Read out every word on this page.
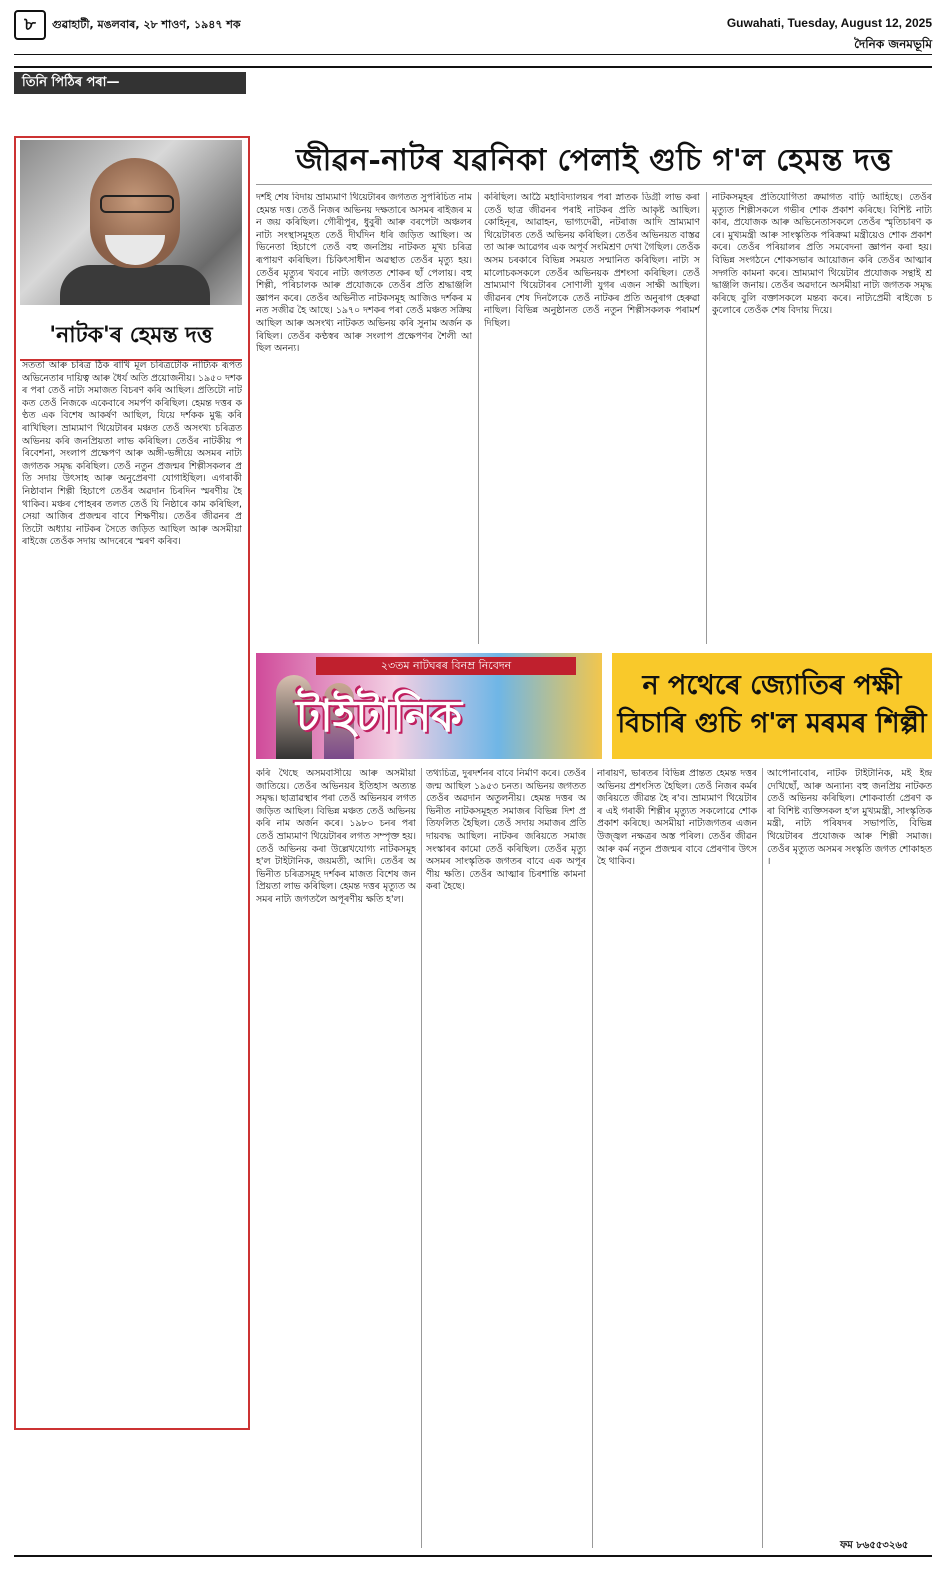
৮	গুৱাহাটী, মঙলবাৰ, ২৮ শাওণ, ১৯৪৭ শক	Guwahati, Tuesday, August 12, 2025
দৈনিক জনমভূমি
তিনি পিঠিৰ পৰা—
'নাটক'ৰ হেমন্ত দত্ত

সততা আৰু চৰিত্ৰ ঠিক ৰাখি মূল চৰিত্ৰটোক নাট্যিক ৰূপত অভিনেতাৰ দায়িত্ব আৰু ধৈৰ্য অতি প্ৰয়োজনীয়। ১৯৫০ দশকৰ পৰা তেওঁ নাট্য সমাজত বিচৰণ কৰি আছিল। প্ৰতিটো নাটকত তেওঁ নিজকে একেবাৰে সমৰ্পণ কৰিছিল। হেমন্ত দত্তৰ কণ্ঠত এক বিশেষ আকৰ্ষণ আছিল, যিয়ে দৰ্শকক মুগ্ধ কৰি ৰাখিছিল। ভ্ৰাম্যমাণ থিয়েটাৰৰ মঞ্চত তেওঁ অসংখ্য চৰিত্ৰত অভিনয় কৰি জনপ্ৰিয়তা লাভ কৰিছিল। তেওঁৰ নাটকীয় পৰিবেশনা, সংলাপ প্ৰক্ষেপণ আৰু অঙ্গী-ভঙ্গীয়ে অসমৰ নাট্য জগতক সমৃদ্ধ কৰিছিল। তেওঁ নতুন প্ৰজন্মৰ শিল্পীসকলৰ প্ৰতি সদায় উৎসাহ আৰু অনুপ্ৰেৰণা যোগাইছিল। এগৰাকী নিষ্ঠাবান শিল্পী হিচাপে তেওঁৰ অৱদান চিৰদিন স্মৰণীয় হৈ থাকিব। মঞ্চৰ পোহৰৰ তলত তেওঁ যি নিষ্ঠাৰে কাম কৰিছিল, সেয়া আজিৰ প্ৰজন্মৰ বাবে শিক্ষণীয়। তেওঁৰ জীৱনৰ প্ৰতিটো অধ্যায় নাটকৰ সৈতে জড়িত আছিল আৰু অসমীয়া ৰাইজে তেওঁক সদায় আদৰেৰে স্মৰণ কৰিব।

জীৱন-নাটৰ যৱনিকা পেলাই গুচি গ'ল হেমন্ত দত্ত

দৰ্শই শেষ বিদায় ভ্ৰাম্যমাণ থিয়েটাৰৰ জগতত সুপৰিচিত নাম হেমন্ত দত্ত। তেওঁ নিজৰ অভিনয় দক্ষতাৰে অসমৰ ৰাইজৰ মন জয় কৰিছিল। গৌৰীপুৰ, ধুবুৰী আৰু বৰপেটা অঞ্চলৰ নাট্য সংস্থাসমূহত তেওঁ দীৰ্ঘদিন ধৰি জড়িত আছিল। অভিনেতা হিচাপে তেওঁ বহু জনপ্ৰিয় নাটকত মূখ্য চৰিত্ৰ ৰূপায়ণ কৰিছিল। চিকিৎসাধীন অৱস্থাত তেওঁৰ মৃত্যু হয়। তেওঁৰ মৃত্যুৰ খবৰে নাট্য জগতত শোকৰ ছাঁ পেলায়। বহু শিল্পী, পৰিচালক আৰু প্ৰযোজকে তেওঁৰ প্ৰতি শ্ৰদ্ধাঞ্জলি জ্ঞাপন কৰে। তেওঁৰ অভিনীত নাটকসমূহ আজিও দৰ্শকৰ মনত সজীৱ হৈ আছে। ১৯৭০ দশকৰ পৰা তেওঁ মঞ্চত সক্ৰিয় আছিল আৰু অসংখ্য নাটকত অভিনয় কৰি সুনাম অৰ্জন কৰিছিল। তেওঁৰ কণ্ঠস্বৰ আৰু সংলাপ প্ৰক্ষেপণৰ শৈলী আছিল অনন্য।

কৰিছিল। আঠৈ মহাবিদ্যালয়ৰ পৰা স্নাতক ডিগ্ৰী লাভ কৰা তেওঁ ছাত্ৰ জীৱনৰ পৰাই নাটকৰ প্ৰতি আকৃষ্ট আছিল। কোহিনূৰ, আৱাহন, ভাগ্যদেৱী, নটৰাজ আদি ভ্ৰাম্যমাণ থিয়েটাৰত তেওঁ অভিনয় কৰিছিল। তেওঁৰ অভিনয়ত বাস্তৱতা আৰু আৱেগৰ এক অপূৰ্ব সংমিশ্ৰণ দেখা গৈছিল। তেওঁক অসম চৰকাৰে বিভিন্ন সময়ত সন্মানিত কৰিছিল। নাট্য সমালোচকসকলে তেওঁৰ অভিনয়ক প্ৰশংসা কৰিছিল। তেওঁ ভ্ৰাম্যমাণ থিয়েটাৰৰ সোণালী যুগৰ এজন সাক্ষী আছিল। জীৱনৰ শেষ দিনলৈকে তেওঁ নাটকৰ প্ৰতি অনুৰাগ হেৰুৱা নাছিল। বিভিন্ন অনুষ্ঠানত তেওঁ নতুন শিল্পীসকলক পৰামৰ্শ দিছিল।

নাটকসমূহৰ প্ৰতিযোগিতা ক্ৰমাগত বাঢ়ি আহিছে। তেওঁৰ মৃত্যুত শিল্পীসকলে গভীৰ শোক প্ৰকাশ কৰিছে। বিশিষ্ট নাট্যকাৰ, প্ৰযোজক আৰু অভিনেতাসকলে তেওঁৰ স্মৃতিচাৰণ কৰে। মুখ্যমন্ত্ৰী আৰু সাংস্কৃতিক পৰিক্ৰমা মন্ত্ৰীয়েও শোক প্ৰকাশ কৰে। তেওঁৰ পৰিয়ালৰ প্ৰতি সমবেদনা জ্ঞাপন কৰা হয়। বিভিন্ন সংগঠনে শোকসভাৰ আয়োজন কৰি তেওঁৰ আত্মাৰ সদ্গতি কামনা কৰে। ভ্ৰাম্যমাণ থিয়েটাৰ প্ৰযোজক সন্থাই শ্ৰদ্ধাঞ্জলি জনায়। তেওঁৰ অৱদানে অসমীয়া নাট্য জগতক সমৃদ্ধ কৰিছে বুলি বক্তাসকলে মন্তব্য কৰে। নাট্যপ্ৰেমী ৰাইজে চকুলোৰে তেওঁক শেষ বিদায় দিয়ে।

২৩তম নাটঘৰৰ বিনম্ৰ নিবেদন
টাইটানিক
ন পথেৰে জ্যোতিৰ পক্ষী
বিচাৰি গুচি গ'ল মৰমৰ শিল্পী

কৰি থৈছে অসমবাসীয়ে আৰু অসমীয়া জাতিয়ে। তেওঁৰ অভিনয়ৰ ইতিহাস অত্যন্ত সমৃদ্ধ। ছাত্ৰাৱস্থাৰ পৰা তেওঁ অভিনয়ৰ লগত জড়িত আছিল। বিভিন্ন মঞ্চত তেওঁ অভিনয় কৰি নাম অৰ্জন কৰে। ১৯৮০ চনৰ পৰা তেওঁ ভ্ৰাম্যমাণ থিয়েটাৰৰ লগত সম্পৃক্ত হয়। তেওঁ অভিনয় কৰা উল্লেখযোগ্য নাটকসমূহ হ'ল টাইটানিক, জয়মতী, আদি। তেওঁৰ অভিনীত চৰিত্ৰসমূহ দৰ্শকৰ মাজত বিশেষ জনপ্ৰিয়তা লাভ কৰিছিল। হেমন্ত দত্তৰ মৃত্যুত অসমৰ নাট্য জগতলৈ অপূৰণীয় ক্ষতি হ'ল।

তথ্যচিত্ৰ, দুৰদৰ্শনৰ বাবে নিৰ্মাণ কৰে। তেওঁৰ জন্ম আছিল ১৯৫৩ চনত। অভিনয় জগতত তেওঁৰ অৱদান অতুলনীয়। হেমন্ত দত্তৰ অভিনীত নাটকসমূহত সমাজৰ বিভিন্ন দিশ প্ৰতিফলিত হৈছিল। তেওঁ সদায় সমাজৰ প্ৰতি দায়বদ্ধ আছিল। নাটকৰ জৰিয়তে সমাজ সংস্কাৰৰ কামো তেওঁ কৰিছিল। তেওঁৰ মৃত্যু অসমৰ সাংস্কৃতিক জগতৰ বাবে এক অপূৰণীয় ক্ষতি। তেওঁৰ আত্মাৰ চিৰশান্তি কামনা কৰা হৈছে।

নাৰায়ণ, ভাৰতৰ বিভিন্ন প্ৰান্তত হেমন্ত দত্তৰ অভিনয় প্ৰশংসিত হৈছিল। তেওঁ নিজৰ কৰ্মৰ জৰিয়তে জীৱন্ত হৈ ৰ'ব। ভ্ৰাম্যমাণ থিয়েটাৰৰ এই গৰাকী শিল্পীৰ মৃত্যুত সকলোৱে শোক প্ৰকাশ কৰিছে। অসমীয়া নাট্যজগতৰ এজন উজ্জ্বল নক্ষত্ৰৰ অস্ত পৰিল। তেওঁৰ জীৱন আৰু কৰ্ম নতুন প্ৰজন্মৰ বাবে প্ৰেৰণাৰ উৎস হৈ থাকিব।

আপোনাবোৰ, নাটক টাইটানিক, মই ইন্দ্ৰ দেখিছোঁ, আৰু অন্যান্য বহু জনপ্ৰিয় নাটকত তেওঁ অভিনয় কৰিছিল। শোকবাৰ্তা প্ৰেৰণ কৰা বিশিষ্ট ব্যক্তিসকল হ'ল মুখ্যমন্ত্ৰী, সাংস্কৃতিক মন্ত্ৰী, নাট্য পৰিষদৰ সভাপতি, বিভিন্ন থিয়েটাৰৰ প্ৰযোজক আৰু শিল্পী সমাজ। তেওঁৰ মৃত্যুত অসমৰ সংস্কৃতি জগত শোকাহত।

ফম ৮৬৫৫৩২৬৫
